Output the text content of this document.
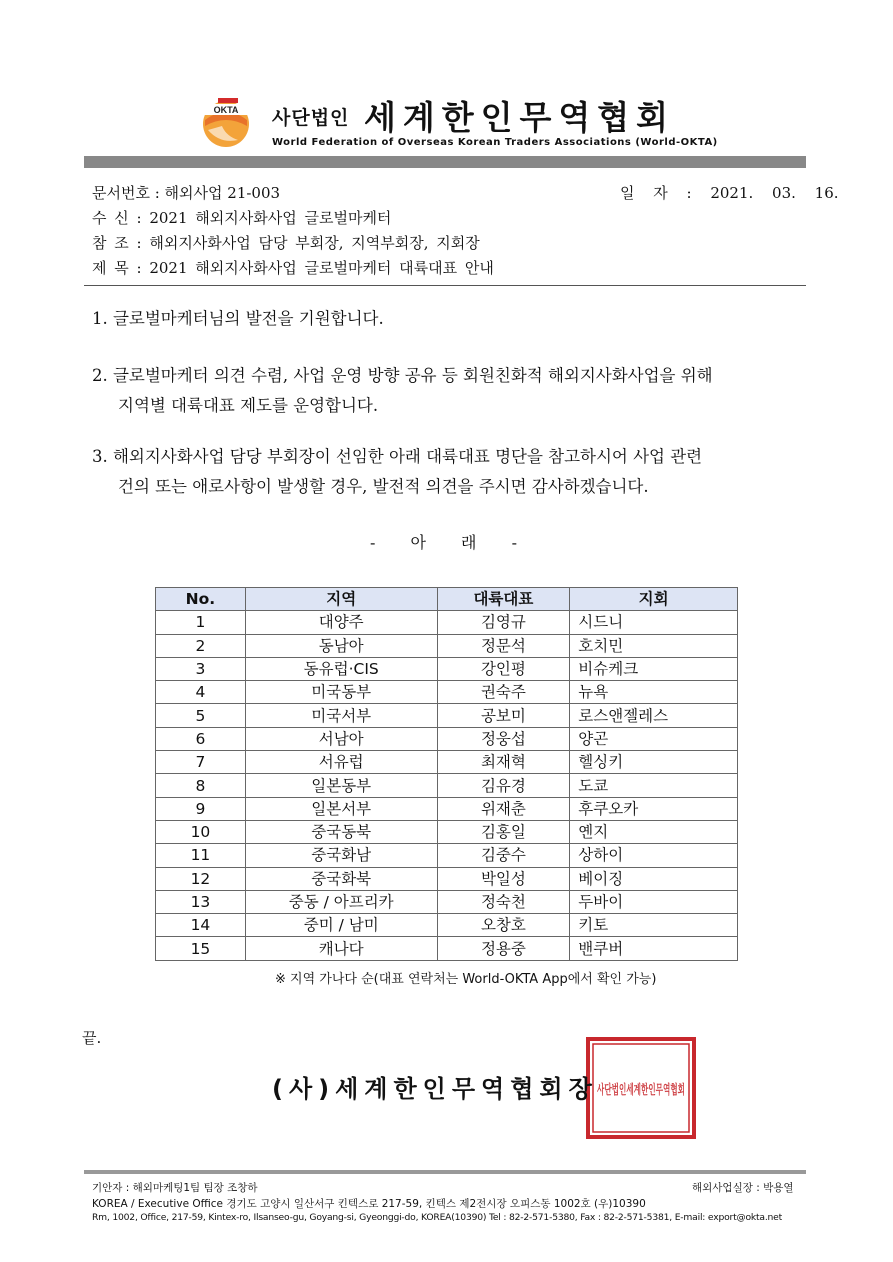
OKTA 사단법인 세계한인무역협회
World Federation of Overseas Korean Traders Associations (World-OKTA)
문서번호 : 해외사업 21-003	일 자 : 2021. 03. 16.
수 신 : 2021 해외지사화사업 글로벌마케터
참 조 : 해외지사화사업 담당 부회장, 지역부회장, 지회장
제 목 : 2021 해외지사화사업 글로벌마케터 대륙대표 안내
1. 글로벌마케터님의 발전을 기원합니다.
2. 글로벌마케터 의견 수렴, 사업 운영 방향 공유 등 회원친화적 해외지사화사업을 위해
지역별 대륙대표 제도를 운영합니다.
3. 해외지사화사업 담당 부회장이 선임한 아래 대륙대표 명단을 참고하시어 사업 관련
건의 또는 애로사항이 발생할 경우, 발전적 의견을 주시면 감사하겠습니다.
- 아 래 -
No.	지역	대륙대표	지회
1	대양주	김영규	시드니
2	동남아	정문석	호치민
3	동유럽·CIS	강인평	비슈케크
4	미국동부	권숙주	뉴욕
5	미국서부	공보미	로스앤젤레스
6	서남아	정웅섭	양곤
7	서유럽	최재혁	헬싱키
8	일본동부	김유경	도쿄
9	일본서부	위재춘	후쿠오카
10	중국동북	김홍일	옌지
11	중국화남	김중수	상하이
12	중국화북	박일성	베이징
13	중동 / 아프리카	정숙천	두바이
14	중미 / 남미	오창호	키토
15	캐나다	정용중	밴쿠버
※ 지역 가나다 순(대표 연락처는 World-OKTA App에서 확인 가능)
끝.
사단법인세계한인무역협회
(사)세계한인무역협회장
기안자 : 해외마케팅1팀 팀장 조창하	해외사업실장 : 박용열
KOREA / Executive Office 경기도 고양시 일산서구 킨텍스로 217-59, 킨텍스 제2전시장 오피스동 1002호 (우)10390
Rm, 1002, Office, 217-59, Kintex-ro, Ilsanseo-gu, Goyang-si, Gyeonggi-do, KOREA(10390) Tel : 82-2-571-5380, Fax : 82-2-571-5381, E-mail: export@okta.net
